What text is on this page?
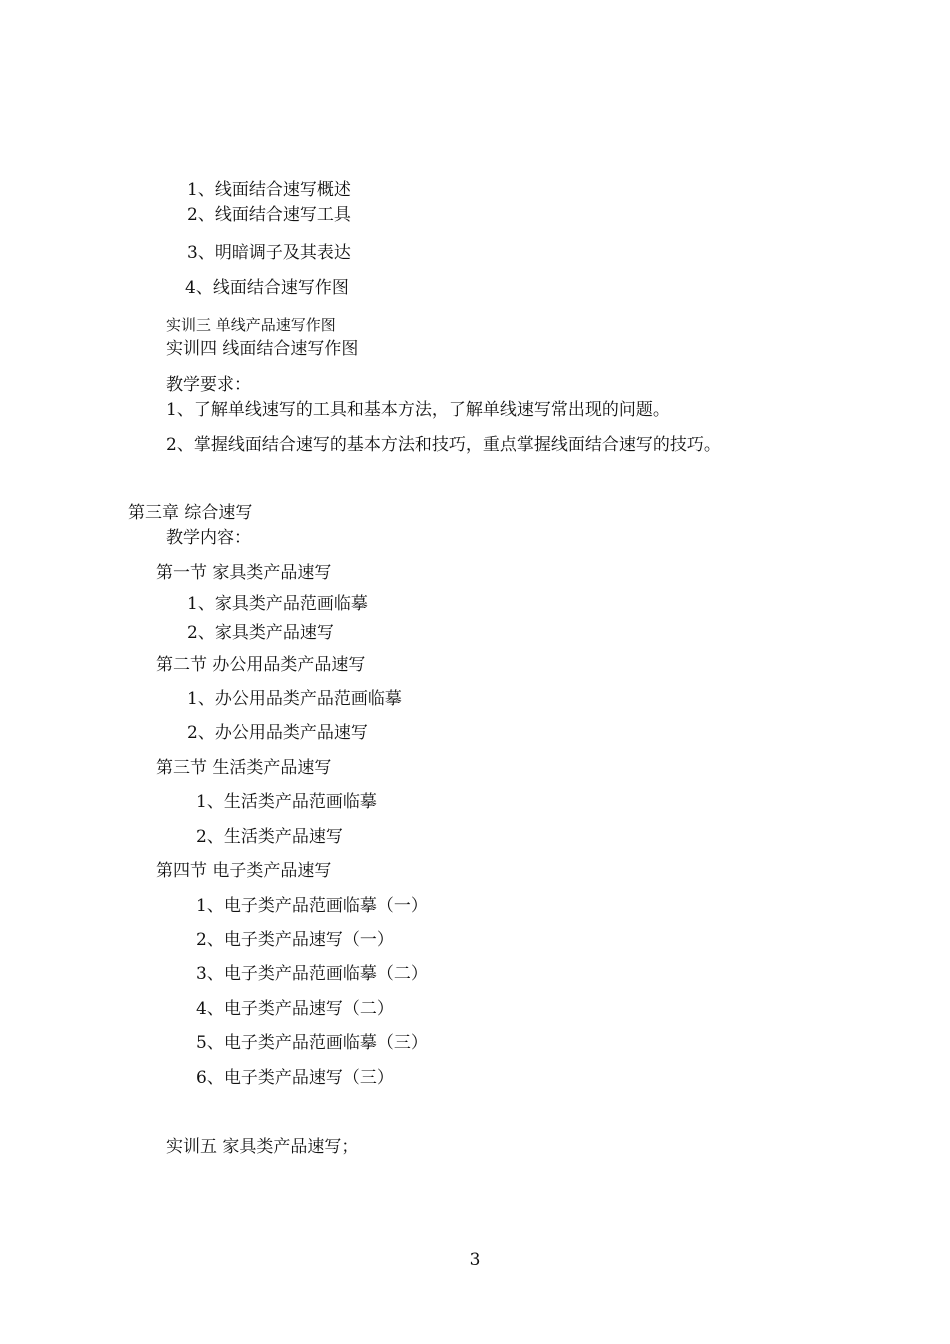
1、线面结合速写概述
2、线面结合速写工具
3、明暗调子及其表达
4、线面结合速写作图
实训三 单线产品速写作图
实训四 线面结合速写作图
教学要求：
1、了解单线速写的工具和基本方法，了解单线速写常出现的问题。
2、掌握线面结合速写的基本方法和技巧，重点掌握线面结合速写的技巧。
第三章 综合速写
教学内容：
第一节 家具类产品速写
1、家具类产品范画临摹
2、家具类产品速写
第二节 办公用品类产品速写
1、办公用品类产品范画临摹
2、办公用品类产品速写
第三节 生活类产品速写
1、生活类产品范画临摹
2、生活类产品速写
第四节 电子类产品速写
1、电子类产品范画临摹（一）
2、电子类产品速写（一）
3、电子类产品范画临摹（二）
4、电子类产品速写（二）
5、电子类产品范画临摹（三）
6、电子类产品速写（三）
实训五 家具类产品速写；
3
